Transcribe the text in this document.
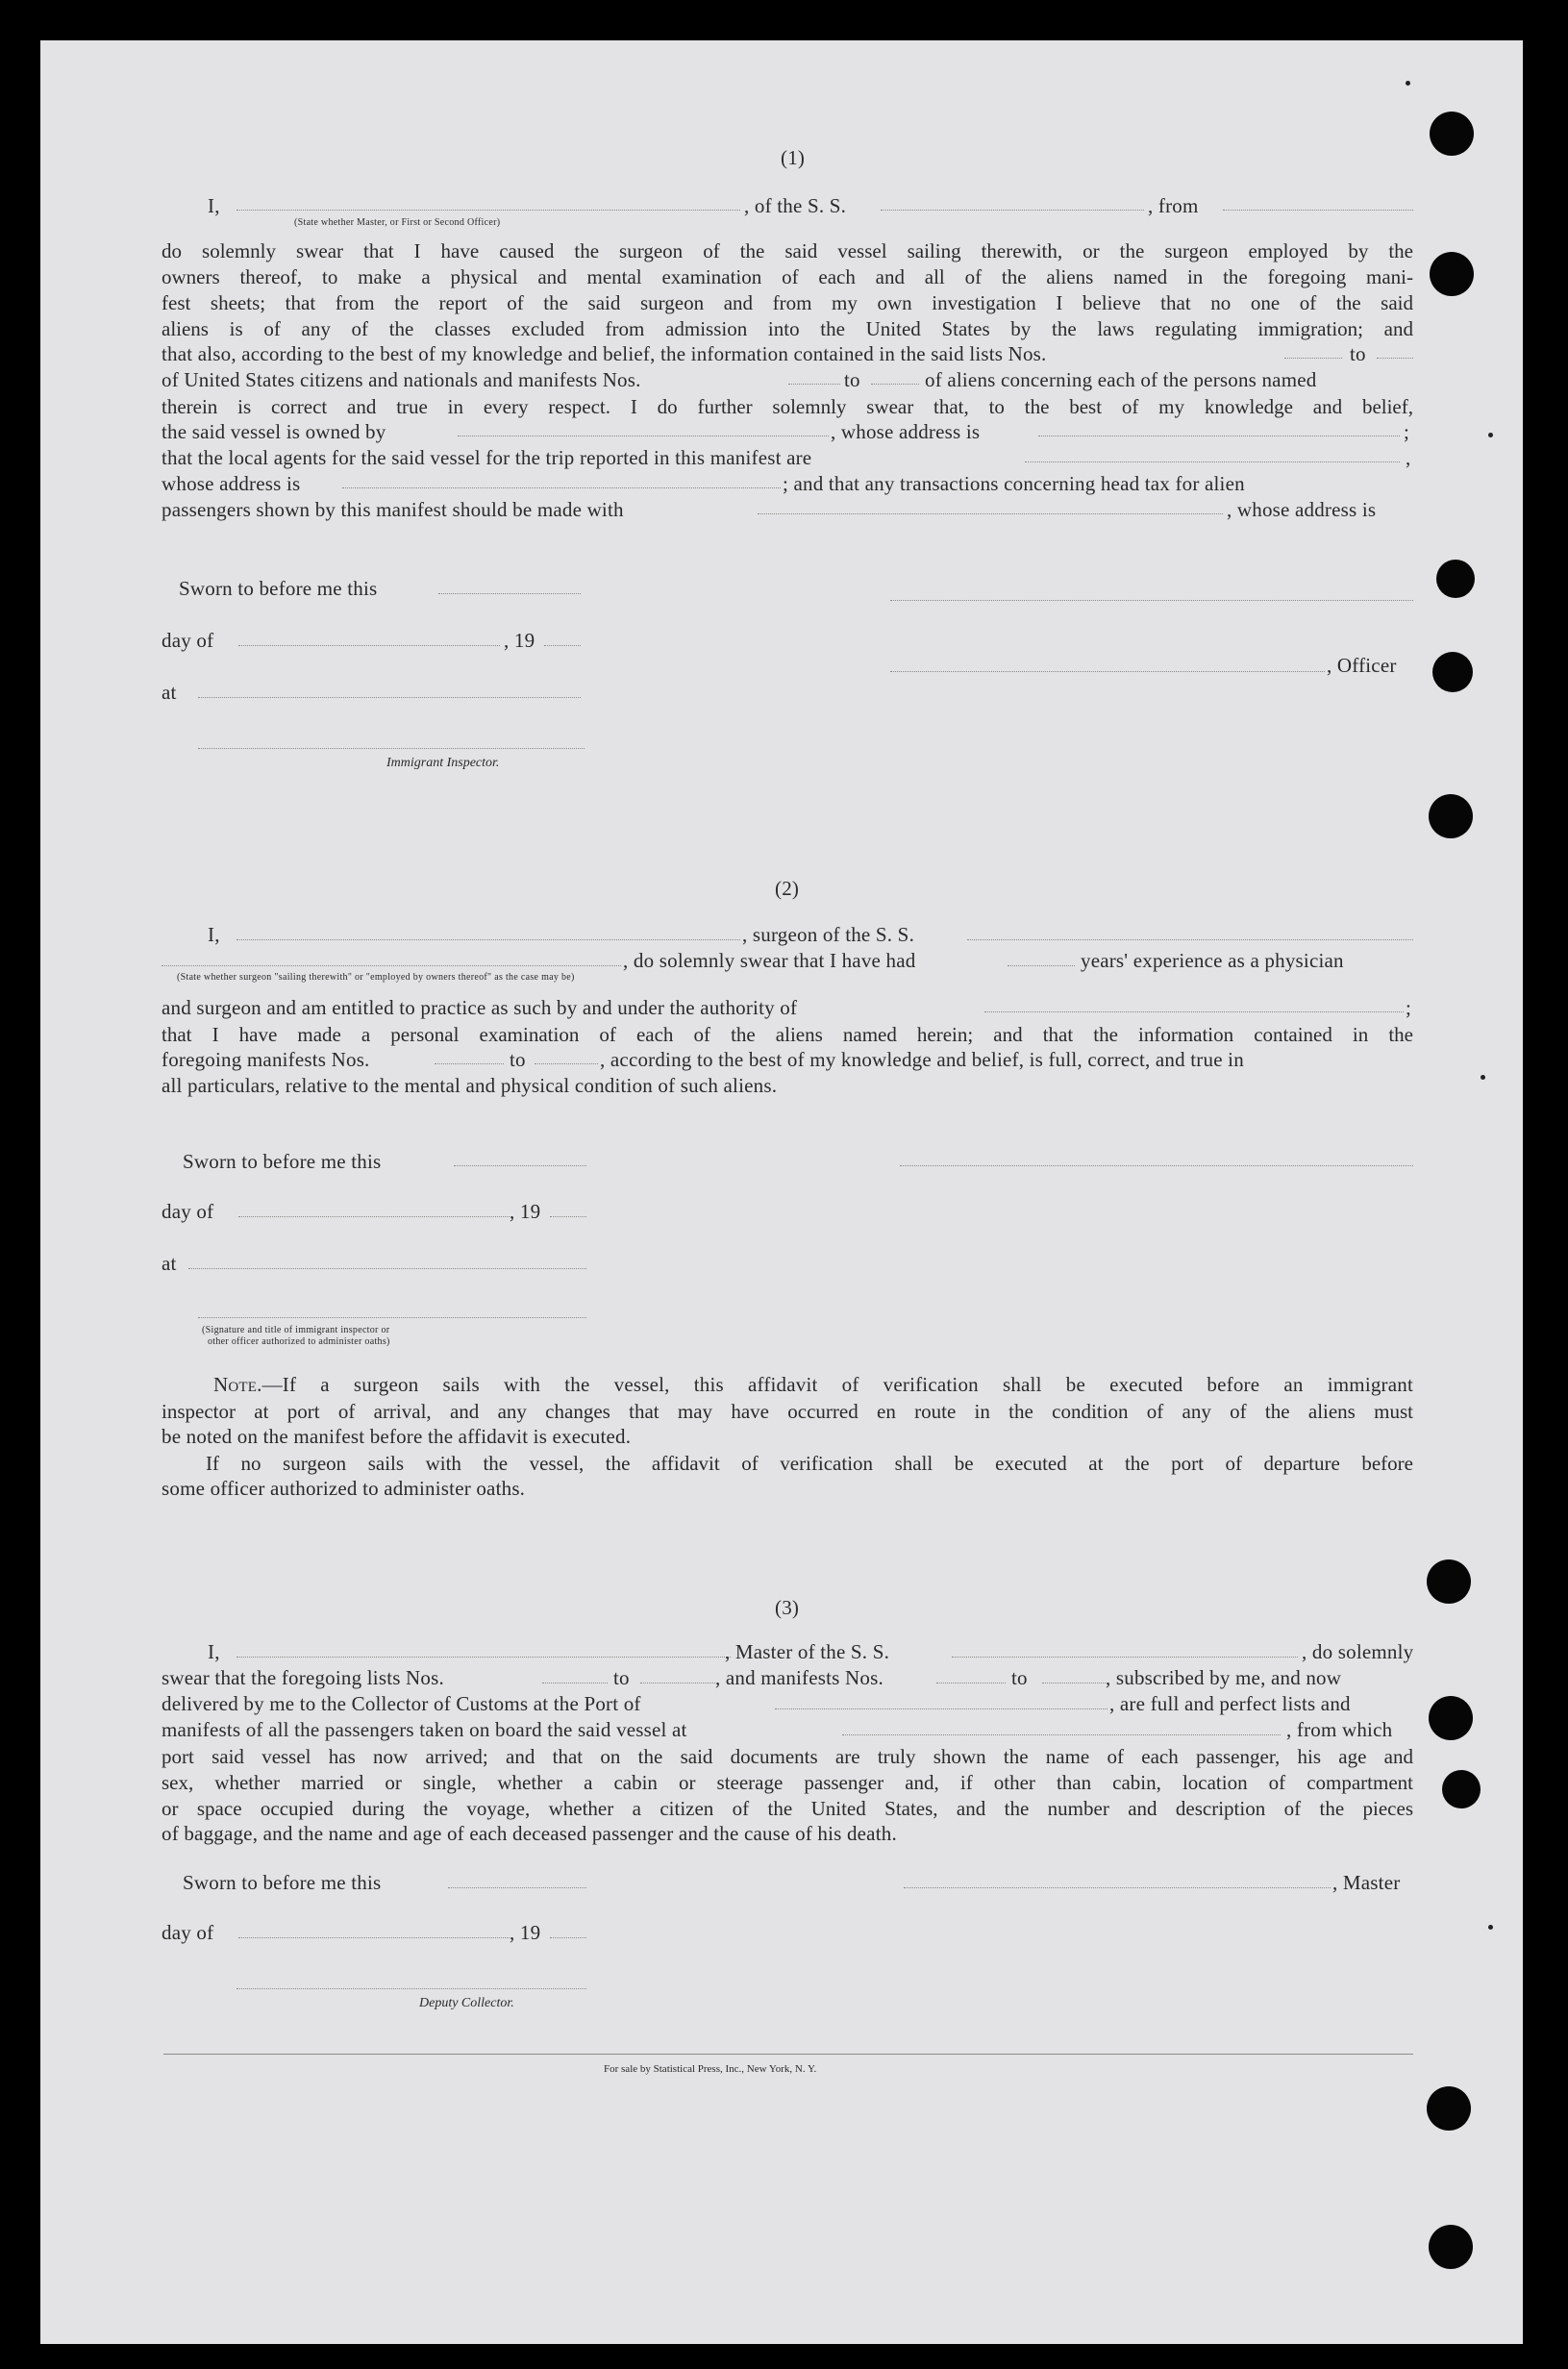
(1)
I,	, of the S. S.	, from
(State whether Master, or First or Second Officer)
do solemnly swear that I have caused the surgeon of the said vessel sailing therewith, or the surgeon employed by the
owners thereof, to make a physical and mental examination of each and all of the aliens named in the foregoing mani-
fest sheets; that from the report of the said surgeon and from my own investigation I believe that no one of the said
aliens is of any of the classes excluded from admission into the United States by the laws regulating immigration; and
that also, according to the best of my knowledge and belief, the information contained in the said lists Nos.	to
of United States citizens and nationals and manifests Nos.	to	of aliens concerning each of the persons named
therein is correct and true in every respect. I do further solemnly swear that, to the best of my knowledge and belief,
the said vessel is owned by	, whose address is	;
that the local agents for the said vessel for the trip reported in this manifest are	,
whose address is	; and that any transactions concerning head tax for alien
passengers shown by this manifest should be made with	, whose address is
Sworn to before me this
day of	, 19
, Officer
at
Immigrant Inspector.
(2)
I,	, surgeon of the S. S.
, do solemnly swear that I have had	years' experience as a physician
(State whether surgeon "sailing therewith" or "employed by owners thereof" as the case may be)
and surgeon and am entitled to practice as such by and under the authority of	;
that I have made a personal examination of each of the aliens named herein; and that the information contained in the
foregoing manifests Nos.	to	, according to the best of my knowledge and belief, is full, correct, and true in
all particulars, relative to the mental and physical condition of such aliens.
Sworn to before me this
day of	, 19
at
(Signature and title of immigrant inspector or
other officer authorized to administer oaths)
Note. —If a surgeon sails with the vessel, this affidavit of verification shall be executed before an immigrant
inspector at port of arrival, and any changes that may have occurred en route in the condition of any of the aliens must
be noted on the manifest before the affidavit is executed.
If no surgeon sails with the vessel, the affidavit of verification shall be executed at the port of departure before
some officer authorized to administer oaths.
(3)
I,	, Master of the S. S.	, do solemnly
swear that the foregoing lists Nos.	to	, and manifests Nos.	to	, subscribed by me, and now
delivered by me to the Collector of Customs at the Port of	, are full and perfect lists and
manifests of all the passengers taken on board the said vessel at	, from which
port said vessel has now arrived; and that on the said documents are truly shown the name of each passenger, his age and
sex, whether married or single, whether a cabin or steerage passenger and, if other than cabin, location of compartment
or space occupied during the voyage, whether a citizen of the United States, and the number and description of the pieces
of baggage, and the name and age of each deceased passenger and the cause of his death.
Sworn to before me this	, Master
day of	, 19
Deputy Collector.
For sale by Statistical Press, Inc., New York, N. Y.
